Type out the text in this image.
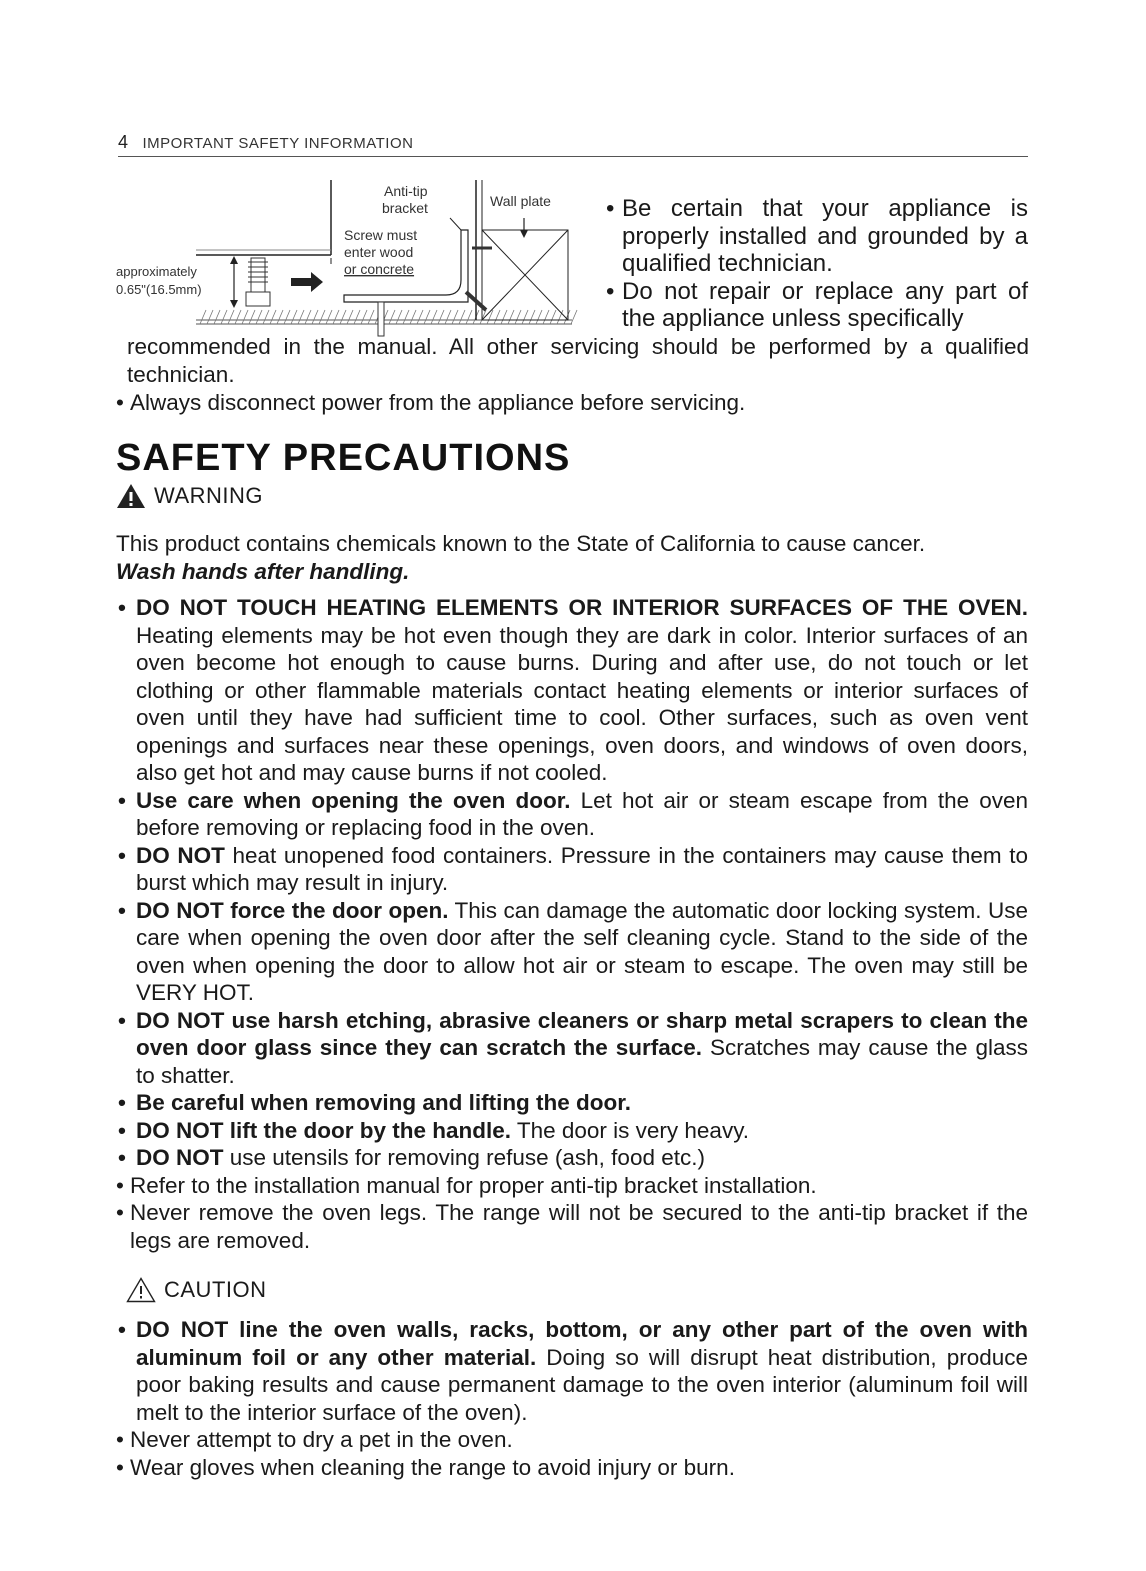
4 IMPORTANT SAFETY INFORMATION
Anti-tip
bracket	Wall plate
Screw must
enter wood
or concrete
approximately
0.65"(16.5mm)
• Be certain that your appliance is properly installed and grounded by a qualified technician.
• Do not repair or replace any part of the appliance unless specifically
recommended in the manual. All other servicing should be performed by a qualified technician.
• Always disconnect power from the appliance before servicing.
SAFETY PRECAUTIONS
WARNING
This product contains chemicals known to the State of California to cause cancer.
Wash hands after handling.
• DO NOT TOUCH HEATING ELEMENTS OR INTERIOR SURFACES OF THE OVEN. Heating elements may be hot even though they are dark in color. Interior surfaces of an oven become hot enough to cause burns. During and after use, do not touch or let clothing or other flammable materials contact heating elements or interior surfaces of oven until they have had sufficient time to cool. Other surfaces, such as oven vent openings and surfaces near these openings, oven doors, and windows of oven doors, also get hot and may cause burns if not cooled.
• Use care when opening the oven door. Let hot air or steam escape from the oven before removing or replacing food in the oven.
• DO NOT heat unopened food containers. Pressure in the containers may cause them to burst which may result in injury.
• DO NOT force the door open. This can damage the automatic door locking system. Use care when opening the oven door after the self cleaning cycle. Stand to the side of the oven when opening the door to allow hot air or steam to escape. The oven may still be VERY HOT.
• DO NOT use harsh etching, abrasive cleaners or sharp metal scrapers to clean the oven door glass since they can scratch the surface. Scratches may cause the glass to shatter.
• Be careful when removing and lifting the door.
• DO NOT lift the door by the handle. The door is very heavy.
• DO NOT use utensils for removing refuse (ash, food etc.)
• Refer to the installation manual for proper anti-tip bracket installation.
• Never remove the oven legs. The range will not be secured to the anti-tip bracket if the legs are removed.
CAUTION
• DO NOT line the oven walls, racks, bottom, or any other part of the oven with aluminum foil or any other material. Doing so will disrupt heat distribution, produce poor baking results and cause permanent damage to the oven interior (aluminum foil will melt to the interior surface of the oven).
• Never attempt to dry a pet in the oven.
• Wear gloves when cleaning the range to avoid injury or burn.
